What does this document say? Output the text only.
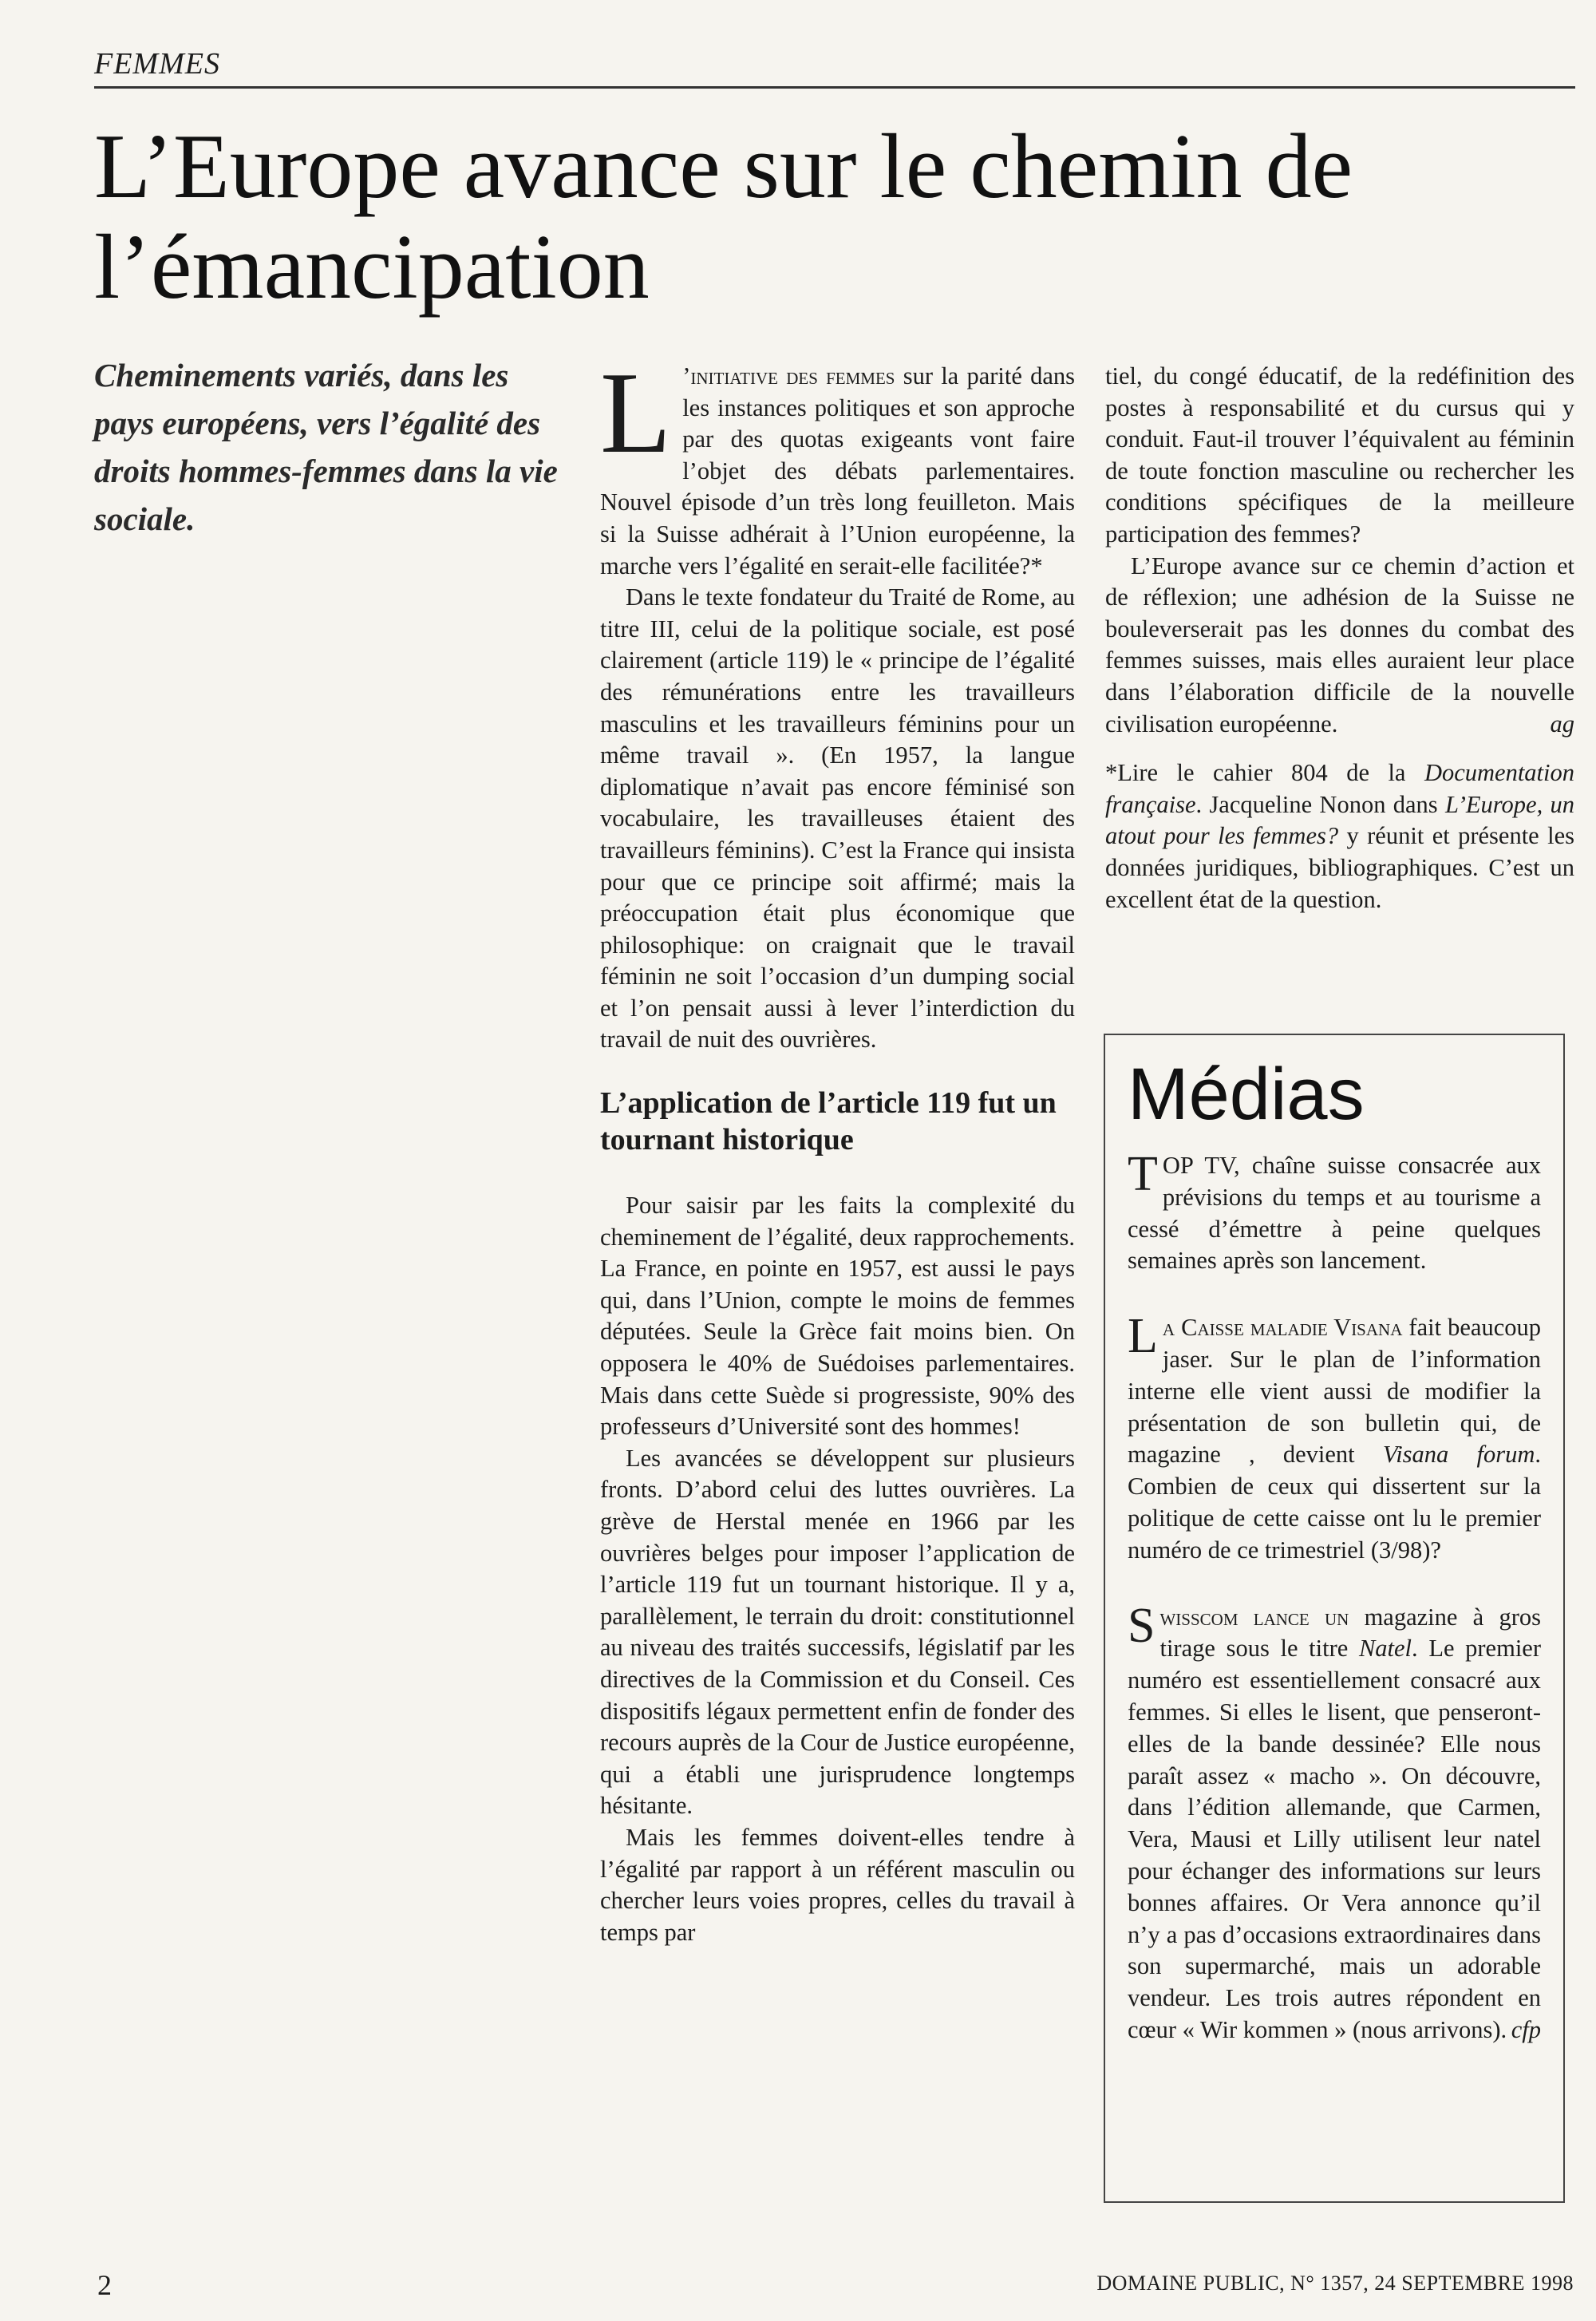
FEMMES
L’Europe avance sur le chemin de l’émancipation
Cheminements variés, dans les pays européens, vers l’égalité des droits hommes-femmes dans la vie sociale.

L ’initiative des femmes sur la parité dans les instances politiques et son approche par des quotas exigeants vont faire l’objet des débats parlementaires. Nouvel épisode d’un très long feuilleton. Mais si la Suisse adhérait à l’Union européenne, la marche vers l’égalité en serait-elle facilitée?*

Dans le texte fondateur du Traité de Rome, au titre III, celui de la politique sociale, est posé clairement (article 119) le « principe de l’égalité des rémunérations entre les travailleurs masculins et les travailleurs féminins pour un même travail ». (En 1957, la langue diplomatique n’avait pas encore féminisé son vocabulaire, les travailleuses étaient des travailleurs féminins). C’est la France qui insista pour que ce principe soit affirmé; mais la préoccupation était plus économique que philosophique: on craignait que le travail féminin ne soit l’occasion d’un dumping social et l’on pensait aussi à lever l’interdiction du travail de nuit des ouvrières.

L’application de l’article 119 fut un tournant historique

Pour saisir par les faits la complexité du cheminement de l’égalité, deux rapprochements. La France, en pointe en 1957, est aussi le pays qui, dans l’Union, compte le moins de femmes députées. Seule la Grèce fait moins bien. On opposera le 40% de Suédoises parlementaires. Mais dans cette Suède si progressiste, 90% des professeurs d’Université sont des hommes!

Les avancées se développent sur plusieurs fronts. D’abord celui des luttes ouvrières. La grève de Herstal menée en 1966 par les ouvrières belges pour imposer l’application de l’article 119 fut un tournant historique. Il y a, parallèlement, le terrain du droit: constitutionnel au niveau des traités successifs, législatif par les directives de la Commission et du Conseil. Ces dispositifs légaux permettent enfin de fonder des recours auprès de la Cour de Justice européenne, qui a établi une jurisprudence longtemps hésitante.

Mais les femmes doivent-elles tendre à l’égalité par rapport à un référent masculin ou chercher leurs voies propres, celles du travail à temps par

tiel, du congé éducatif, de la redéfinition des postes à responsabilité et du cursus qui y conduit. Faut-il trouver l’équivalent au féminin de toute fonction masculine ou rechercher les conditions spécifiques de la meilleure participation des femmes?

L’Europe avance sur ce chemin d’action et de réflexion; une adhésion de la Suisse ne bouleverserait pas les donnes du combat des femmes suisses, mais elles auraient leur place dans l’élaboration difficile de la nouvelle civilisation européenne.	ag

*Lire le cahier 804 de la Documentation française. Jacqueline Nonon dans L’Europe, un atout pour les femmes? y réunit et présente les données juridiques, bibliographiques. C’est un excellent état de la question.

Médias

TOP TV, chaîne suisse consacrée aux prévisions du temps et au tourisme a cessé d’émettre à peine quelques semaines après son lancement.

La Caisse maladie Visana fait beaucoup jaser. Sur le plan de l’information interne elle vient aussi de modifier la présentation de son bulletin qui, de magazine , devient Visana forum. Combien de ceux qui dissertent sur la politique de cette caisse ont lu le premier numéro de ce trimestriel (3/98)?

Swisscom lance un magazine à gros tirage sous le titre Natel. Le premier numéro est essentiellement consacré aux femmes. Si elles le lisent, que penseront-elles de la bande dessinée? Elle nous paraît assez « macho ». On découvre, dans l’édition allemande, que Carmen, Vera, Mausi et Lilly utilisent leur natel pour échanger des informations sur leurs bonnes affaires. Or Vera annonce qu’il n’y a pas d’occasions extraordinaires dans son supermarché, mais un adorable vendeur. Les trois autres répondent en cœur « Wir kommen » (nous arrivons). cfp

2	DOMAINE PUBLIC, N° 1357, 24 SEPTEMBRE 1998
